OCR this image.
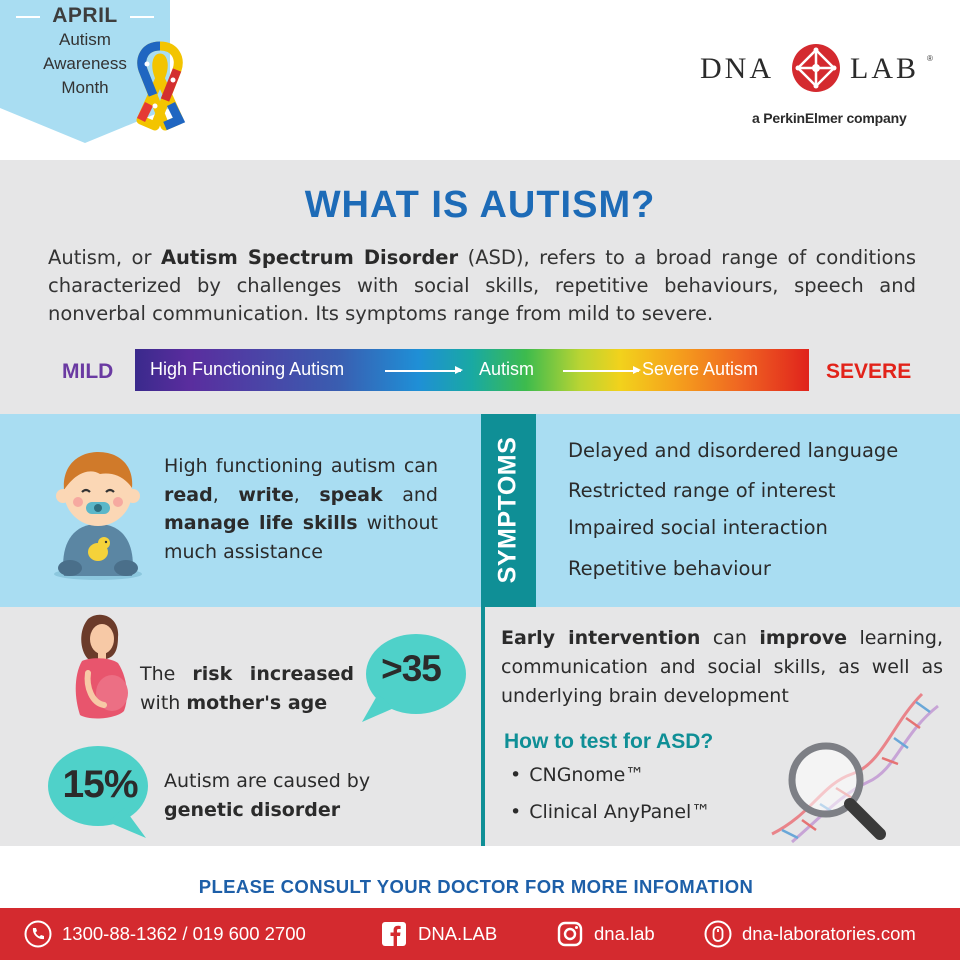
APRIL
Autism
Awareness
Month
DNA	LAB ®
a PerkinElmer company
WHAT IS AUTISM?
Autism, or Autism Spectrum Disorder (ASD), refers to a broad range of conditions characterized by challenges with social skills, repetitive behaviours, speech and nonverbal communication. Its symptoms range from mild to severe.
MILD High Functioning Autism	Autism	Severe Autism	SEVERE
High functioning autism can read, write, speak and manage life skills without much assistance	SYMPTOMS Delayed and disordered language
Restricted range of interest
Impaired social interaction
Repetitive behaviour
The risk increased with mother's age
>35
15%	Autism are caused by genetic disorder
Early intervention can improve learning, communication and social skills, as well as underlying brain development
How to test for ASD?
• CNGnome™
• Clinical AnyPanel™
PLEASE CONSULT YOUR DOCTOR FOR MORE INFOMATION
1300-88-1362 / 019 600 2700	DNA.LAB	dna.lab	dna-laboratories.com
